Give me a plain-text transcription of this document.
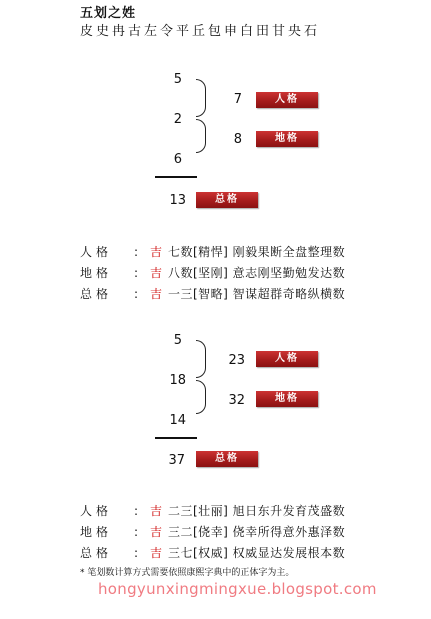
五划之姓
皮史冉古左令平丘包申白田甘央石
5
2
6
7
8
人格
地格
13	总格
人格 : 吉 七数[精悍] 刚毅果断全盘整理数
地格 : 吉 八数[坚刚] 意志刚坚勤勉发达数
总格 : 吉 一三[智略] 智谋超群奇略纵横数
5
18
14
23
32
人格
地格
37	总格
人格 : 吉 二三[壮丽] 旭日东升发育茂盛数
地格 : 吉 三二[侥幸] 侥幸所得意外惠泽数
总格 : 吉 三七[权威] 权威显达发展根本数
* 笔划数计算方式需要依照康熙字典中的正体字为主。
hongyunxingmingxue.blogspot.com
